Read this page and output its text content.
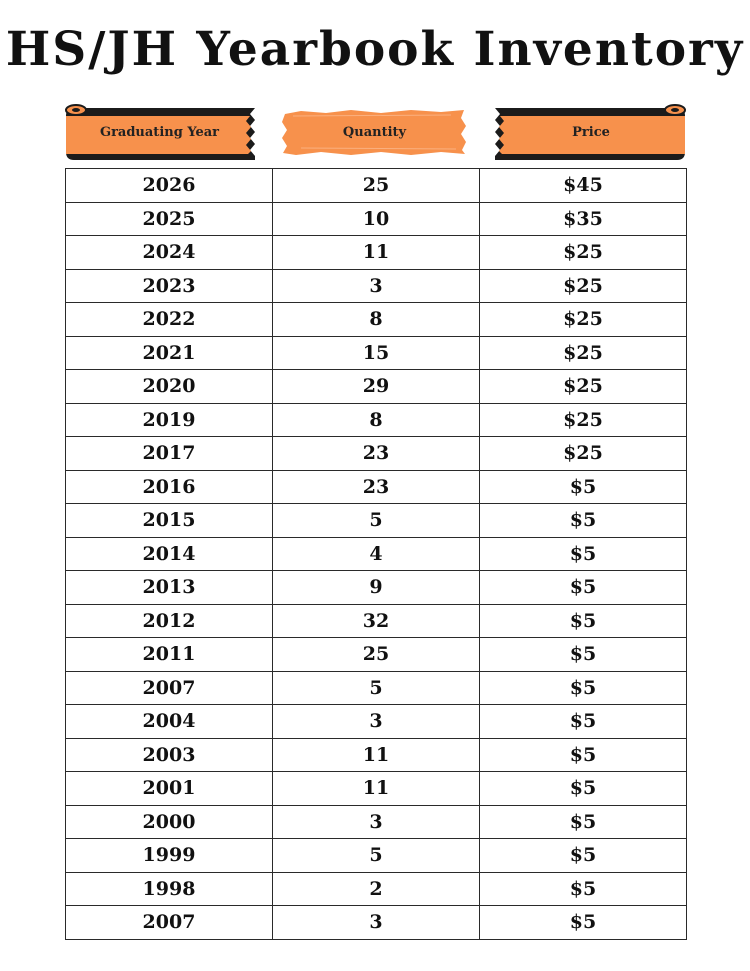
HS/JH Yearbook Inventory
Graduating Year	Quantity	Price
2026	25	$45
2025	10	$35
2024	11	$25
2023	3	$25
2022	8	$25
2021	15	$25
2020	29	$25
2019	8	$25
2017	23	$25
2016	23	$5
2015	5	$5
2014	4	$5
2013	9	$5
2012	32	$5
2011	25	$5
2007	5	$5
2004	3	$5
2003	11	$5
2001	11	$5
2000	3	$5
1999	5	$5
1998	2	$5
2007	3	$5
